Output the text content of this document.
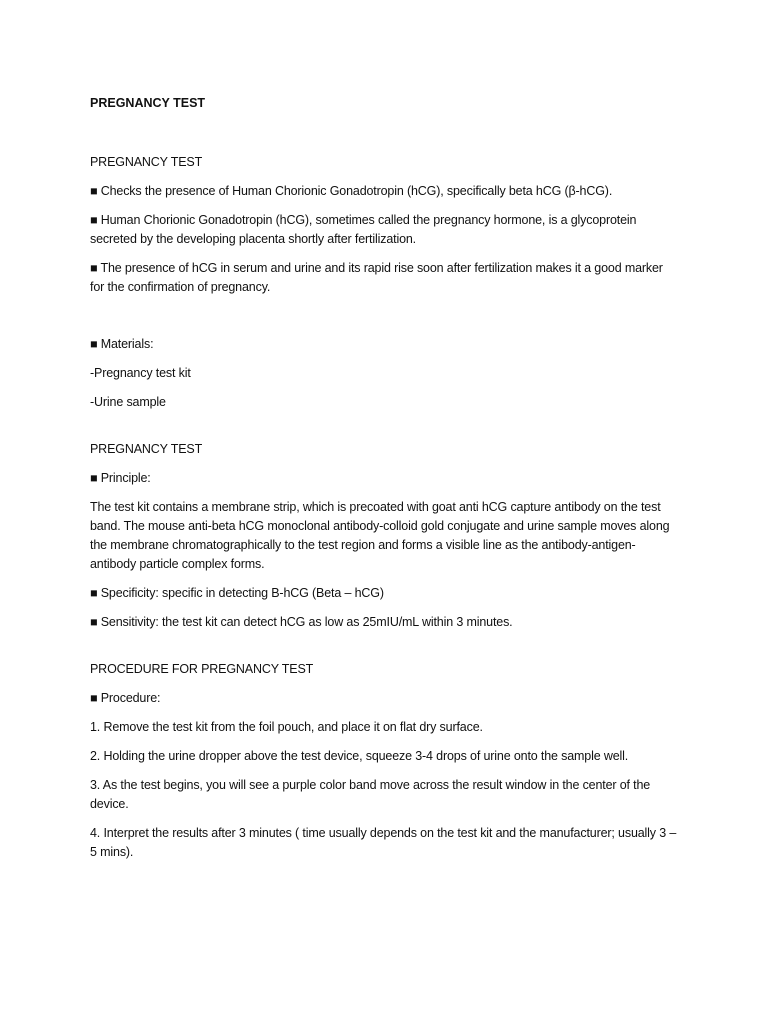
PREGNANCY TEST
PREGNANCY TEST
■ Checks the presence of Human Chorionic Gonadotropin (hCG), specifically beta hCG (β-hCG).
■ Human Chorionic Gonadotropin (hCG), sometimes called the pregnancy hormone, is a glycoprotein secreted by the developing placenta shortly after fertilization.
■ The presence of hCG in serum and urine and its rapid rise soon after fertilization makes it a good marker for the confirmation of pregnancy.
■ Materials:
-Pregnancy test kit
-Urine sample
PREGNANCY TEST
■ Principle:
The test kit contains a membrane strip, which is precoated with goat anti hCG capture antibody on the test band. The mouse anti-beta hCG monoclonal antibody-colloid gold conjugate and urine sample moves along the membrane chromatographically to the test region and forms a visible line as the antibody-antigen-antibody particle complex forms.
■ Specificity: specific in detecting B-hCG (Beta – hCG)
■ Sensitivity: the test kit can detect hCG as low as 25mIU/mL within 3 minutes.
PROCEDURE FOR PREGNANCY TEST
■ Procedure:
1. Remove the test kit from the foil pouch, and place it on flat dry surface.
2. Holding the urine dropper above the test device, squeeze 3-4 drops of urine onto the sample well.
3. As the test begins, you will see a purple color band move across the result window in the center of the device.
4. Interpret the results after 3 minutes ( time usually depends on the test kit and the manufacturer; usually 3 – 5 mins).
